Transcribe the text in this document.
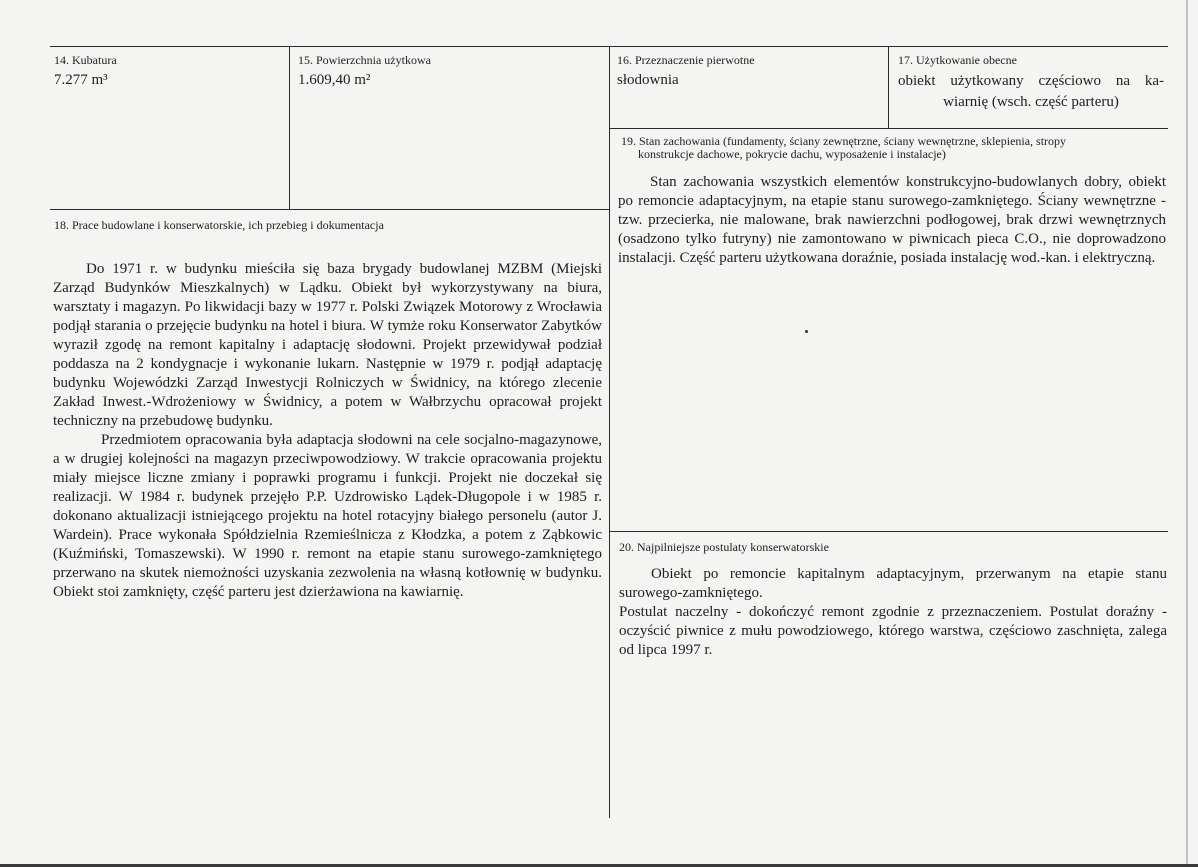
14. Kubatura
7.277 m³
15. Powierzchnia użytkowa
1.609,40 m²
16. Przeznaczenie pierwotne
słodownia
17. Użytkowanie obecne
obiekt użytkowany częściowo na ka-
wiarnię (wsch. część parteru)
19. Stan zachowania (fundamenty, ściany zewnętrzne, ściany wewnętrzne, sklepienia, stropy
konstrukcje dachowe, pokrycie dachu, wyposażenie i instalacje)

Stan zachowania wszystkich elementów konstrukcyjno-budowlanych dobry, obiekt po remoncie adaptacyjnym, na etapie stanu surowego-zamkniętego. Ściany wewnętrzne - tzw. przecierka, nie malowane, brak nawierzchni podłogowej, brak drzwi wewnętrznych (osadzono tylko futryny) nie zamontowano w piwnicach pieca C.O., nie doprowadzono instalacji. Część parteru użytkowana doraźnie, posiada instalację wod.-kan. i elektryczną.

18. Prace budowlane i konserwatorskie, ich przebieg i dokumentacja

Do 1971 r. w budynku mieściła się baza brygady budowlanej MZBM (Miejski Zarząd Budynków Mieszkalnych) w Lądku. Obiekt był wykorzystywany na biura, warsztaty i magazyn. Po likwidacji bazy w 1977 r. Polski Związek Motorowy z Wrocławia podjął starania o przejęcie budynku na hotel i biura. W tymże roku Konserwator Zabytków wyraził zgodę na remont kapitalny i adaptację słodowni. Projekt przewidywał podział poddasza na 2 kondygnacje i wykonanie lukarn. Następnie w 1979 r. podjął adaptację budynku Wojewódzki Zarząd Inwestycji Rolniczych w Świdnicy, na którego zlecenie Zakład Inwest.-Wdrożeniowy w Świdnicy, a potem w Wałbrzychu opracował projekt techniczny na przebudowę budynku.

Przedmiotem opracowania była adaptacja słodowni na cele socjalno-magazynowe, a w drugiej kolejności na magazyn przeciwpowodziowy. W trakcie opracowania projektu miały miejsce liczne zmiany i poprawki programu i funkcji. Projekt nie doczekał się realizacji. W 1984 r. budynek przejęło P.P. Uzdrowisko Lądek-Długopole i w 1985 r. dokonano aktualizacji istniejącego projektu na hotel rotacyjny białego personelu (autor J. Wardein). Prace wykonała Spółdzielnia Rzemieślnicza z Kłodzka, a potem z Ząbkowic (Kuźmiński, Tomaszewski). W 1990 r. remont na etapie stanu surowego-zamkniętego przerwano na skutek niemożności uzyskania zezwolenia na własną kotłownię w budynku. Obiekt stoi zamknięty, część parteru jest dzierżawiona na kawiarnię.

20. Najpilniejsze postulaty konserwatorskie

Obiekt po remoncie kapitalnym adaptacyjnym, przerwanym na etapie stanu surowego-zamkniętego.

Postulat naczelny - dokończyć remont zgodnie z przeznaczeniem. Postulat doraźny - oczyścić piwnice z mułu powodziowego, którego warstwa, częściowo zaschnięta, zalega od lipca 1997 r.
